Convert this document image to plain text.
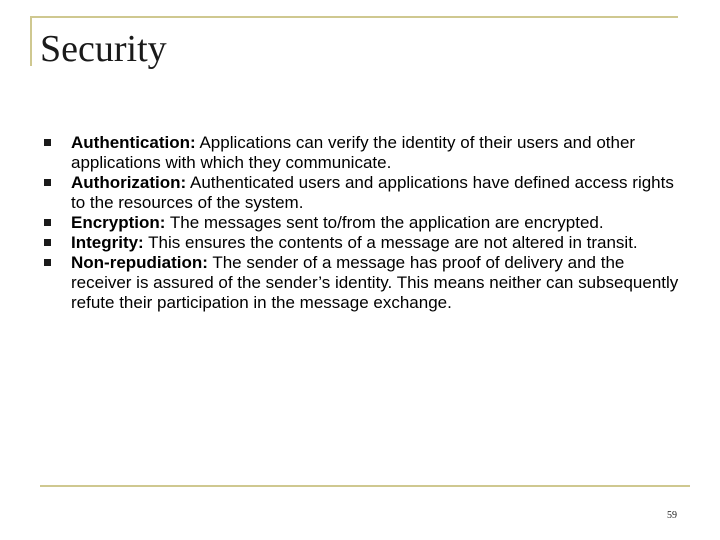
Security
Authentication: Applications can verify the identity of their users and other applications with which they communicate.
Authorization: Authenticated users and applications have defined access rights to the resources of the system.
Encryption: The messages sent to/from the application are encrypted.
Integrity: This ensures the contents of a message are not altered in transit.
Non-repudiation: The sender of a message has proof of delivery and the receiver is assured of the sender’s identity. This means neither can subsequently refute their participation in the message exchange.
59
